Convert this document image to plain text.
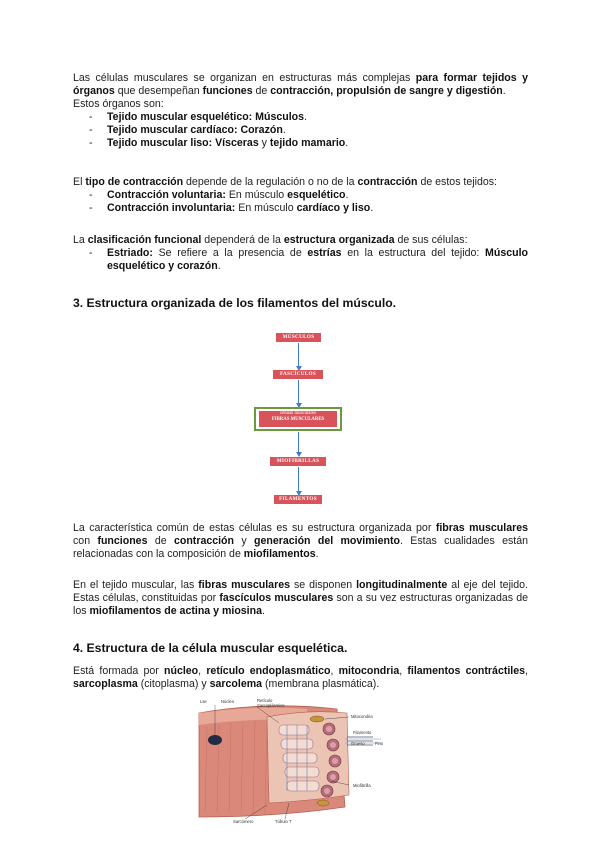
Las células musculares se organizan en estructuras más complejas para formar tejidos y órganos que desempeñan funciones de contracción, propulsión de sangre y digestión.

Estos órganos son:

- Tejido muscular esquelético: Músculos.
- Tejido muscular cardíaco: Corazón.
- Tejido muscular liso: Vísceras y tejido mamario.

El tipo de contracción depende de la regulación o no de la contracción de estos tejidos:

- Contracción voluntaria: En músculo esquelético.
- Contracción involuntaria: En músculo cardíaco y liso.

La clasificación funcional dependerá de la estructura organizada de sus células:

- Estriado: Se refiere a la presencia de estrías en la estructura del tejido: Músculo esquelético y corazón.
3. Estructura organizada de los filamentos del músculo.
MÚSCULOS
FASCÍCULOS
células musculares
FIBRAS MUSCULARES
MIOFIBRILLAS
FILAMENTOS

La característica común de estas células es su estructura organizada por fibras musculares con funciones de contracción y generación del movimiento. Estas cualidades están relacionadas con la composición de miofilamentos.

En el tejido muscular, las fibras musculares se disponen longitudinalmente al eje del tejido. Estas células, constituidas por fascículos musculares son a su vez estructuras organizadas de los miofilamentos de actina y miosina.

4. Estructura de la célula muscular esquelética.

Está formada por núcleo, retículo endoplasmático, mitocondria, filamentos contráctiles, sarcoplasma (citoplasma) y sarcolema (membrana plasmática).

Lse	Núcleo	Retículo Sarcoplásmico
Mitocondria
Filamento
Grueso Fino
Miofibrilla
Sarcómero	Túbulo T
